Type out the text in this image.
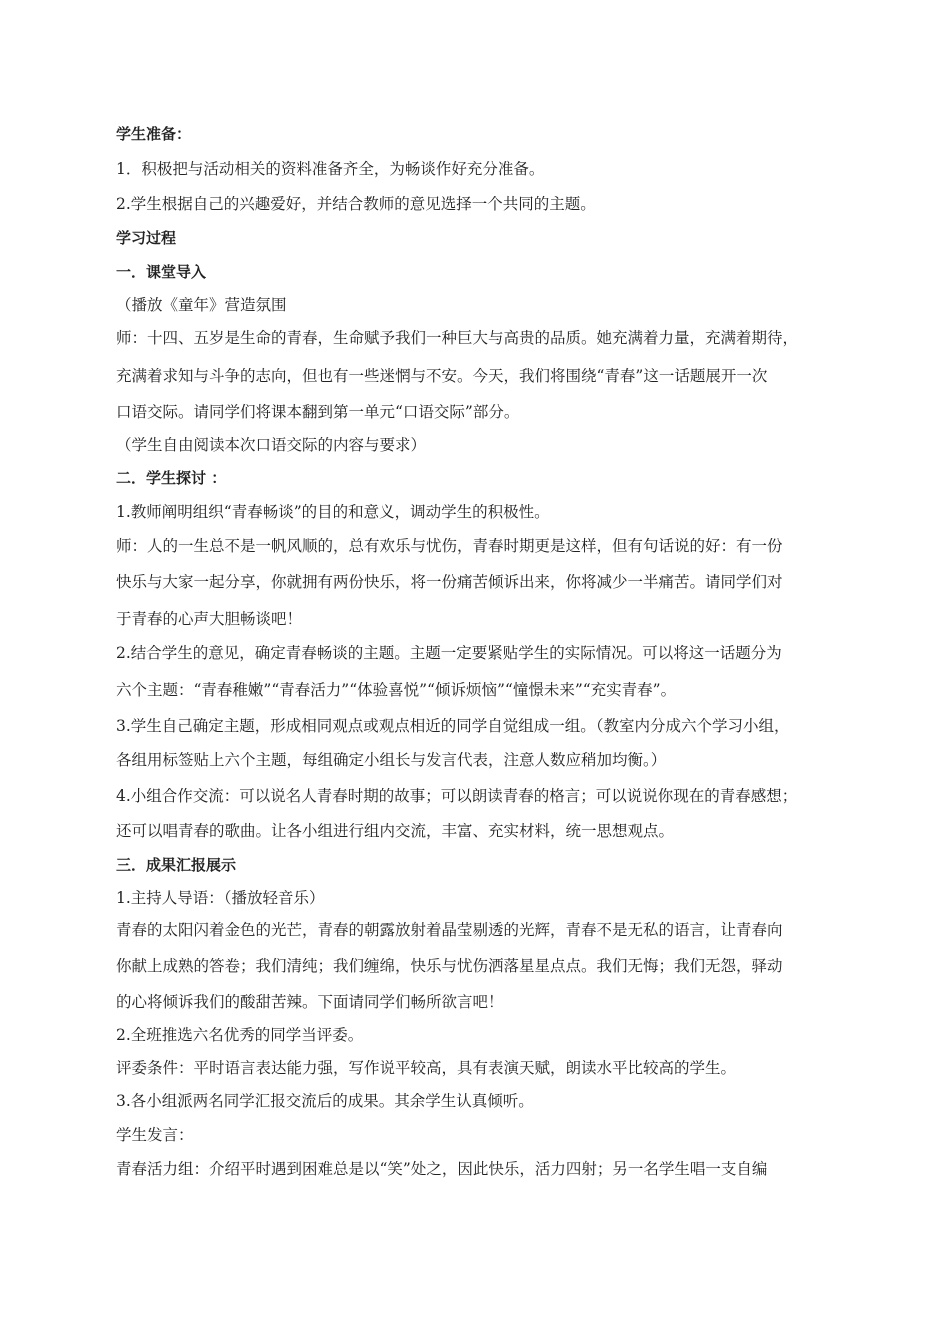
学生准备：
1．积极把与活动相关的资料准备齐全，为畅谈作好充分准备。
2.学生根据自己的兴趣爱好，并结合教师的意见选择一个共同的主题。
学习过程
一．课堂导入
（播放《童年》营造氛围
师：十四、五岁是生命的青春，生命赋予我们一种巨大与高贵的品质。她充满着力量，充满着期待，
充满着求知与斗争的志向，但也有一些迷惘与不安。今天，我们将围绕“青春”这一话题展开一次
口语交际。请同学们将课本翻到第一单元“口语交际”部分。
（学生自由阅读本次口语交际的内容与要求）
二．学生探讨 ：
1.教师阐明组织“青春畅谈”的目的和意义，调动学生的积极性。
师：人的一生总不是一帆风顺的，总有欢乐与忧伤，青春时期更是这样，但有句话说的好：有一份
快乐与大家一起分享，你就拥有两份快乐，将一份痛苦倾诉出来，你将减少一半痛苦。请同学们对
于青春的心声大胆畅谈吧！
2.结合学生的意见，确定青春畅谈的主题。主题一定要紧贴学生的实际情况。可以将这一话题分为
六个主题：“青春稚嫩”“青春活力”“体验喜悦”“倾诉烦恼”“憧憬未来”“充实青春”。
3.学生自己确定主题，形成相同观点或观点相近的同学自觉组成一组。（教室内分成六个学习小组，
各组用标签贴上六个主题，每组确定小组长与发言代表，注意人数应稍加均衡。）
4.小组合作交流：可以说名人青春时期的故事；可以朗读青春的格言；可以说说你现在的青春感想；
还可以唱青春的歌曲。让各小组进行组内交流，丰富、充实材料，统一思想观点。
三．成果汇报展示
1.主持人导语：（播放轻音乐）
青春的太阳闪着金色的光芒，青春的朝露放射着晶莹剔透的光辉，青春不是无私的语言，让青春向
你献上成熟的答卷；我们清纯；我们缠绵，快乐与忧伤洒落星星点点。我们无悔；我们无怨，驿动
的心将倾诉我们的酸甜苦辣。下面请同学们畅所欲言吧！
2.全班推选六名优秀的同学当评委。
评委条件：平时语言表达能力强，写作说平较高，具有表演天赋，朗读水平比较高的学生。
3.各小组派两名同学汇报交流后的成果。其余学生认真倾听。
学生发言：
青春活力组：介绍平时遇到困难总是以“笑”处之，因此快乐，活力四射；另一名学生唱一支自编
